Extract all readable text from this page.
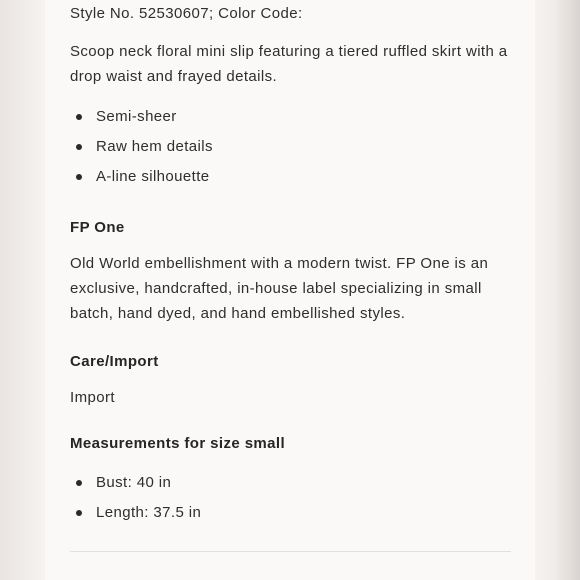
Style No. 52530607; Color Code:

Scoop neck floral mini slip featuring a tiered ruffled skirt with a drop waist and frayed details.

Semi-sheer
Raw hem details
A-line silhouette

FP One

Old World embellishment with a modern twist. FP One is an exclusive, handcrafted, in-house label specializing in small batch, hand dyed, and hand embellished styles.

Care/Import

Import

Measurements for size small

Bust: 40 in
Length: 37.5 in
